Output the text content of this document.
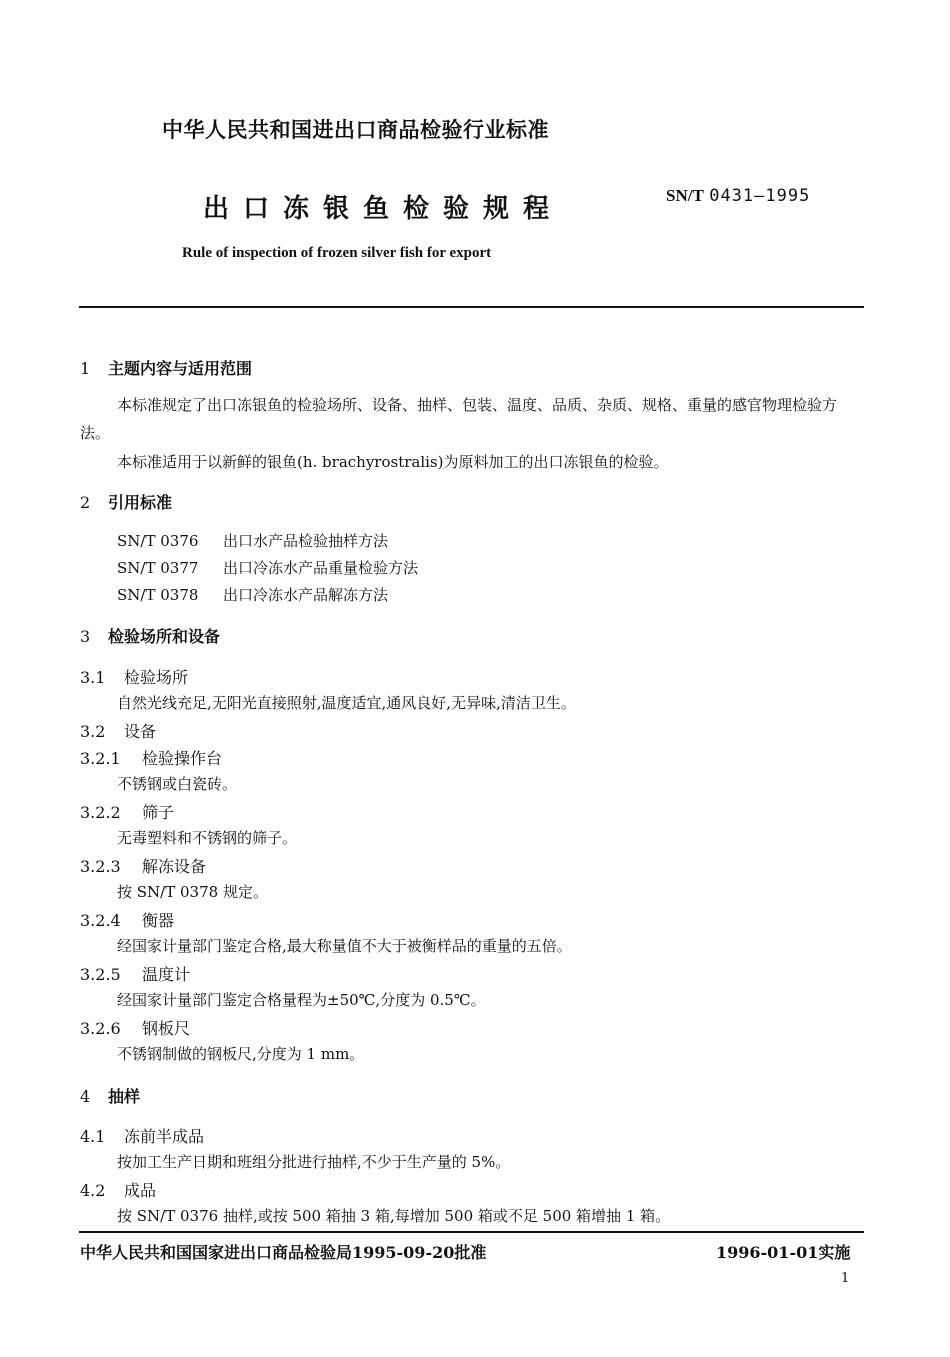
中华人民共和国进出口商品检验行业标准
出口冻银鱼检验规程	SN/T 0431—1995
Rule of inspection of frozen silver fish for export
1 主题内容与适用范围
本标准规定了出口冻银鱼的检验场所、设备、抽样、包装、温度、品质、杂质、规格、重量的感官物理检验方法。
本标准适用于以新鲜的银鱼(h. brachyrostralis)为原料加工的出口冻银鱼的检验。
2 引用标准
SN/T 0376 出口水产品检验抽样方法
SN/T 0377 出口冷冻水产品重量检验方法
SN/T 0378 出口冷冻水产品解冻方法
3 检验场所和设备
3.1 检验场所
自然光线充足,无阳光直接照射,温度适宜,通风良好,无异味,清洁卫生。
3.2 设备
3.2.1 检验操作台
不锈钢或白瓷砖。
3.2.2 筛子
无毒塑料和不锈钢的筛子。
3.2.3 解冻设备
按 SN/T 0378 规定。
3.2.4 衡器
经国家计量部门鉴定合格,最大称量值不大于被衡样品的重量的五倍。
3.2.5 温度计
经国家计量部门鉴定合格量程为±50℃,分度为 0.5℃。
3.2.6 钢板尺
不锈钢制做的钢板尺,分度为 1 mm。
4 抽样
4.1 冻前半成品
按加工生产日期和班组分批进行抽样,不少于生产量的 5%。
4.2 成品
按 SN/T 0376 抽样,或按 500 箱抽 3 箱,每增加 500 箱或不足 500 箱增抽 1 箱。
中华人民共和国国家进出口商品检验局1995-09-20批准	1996-01-01实施
1
